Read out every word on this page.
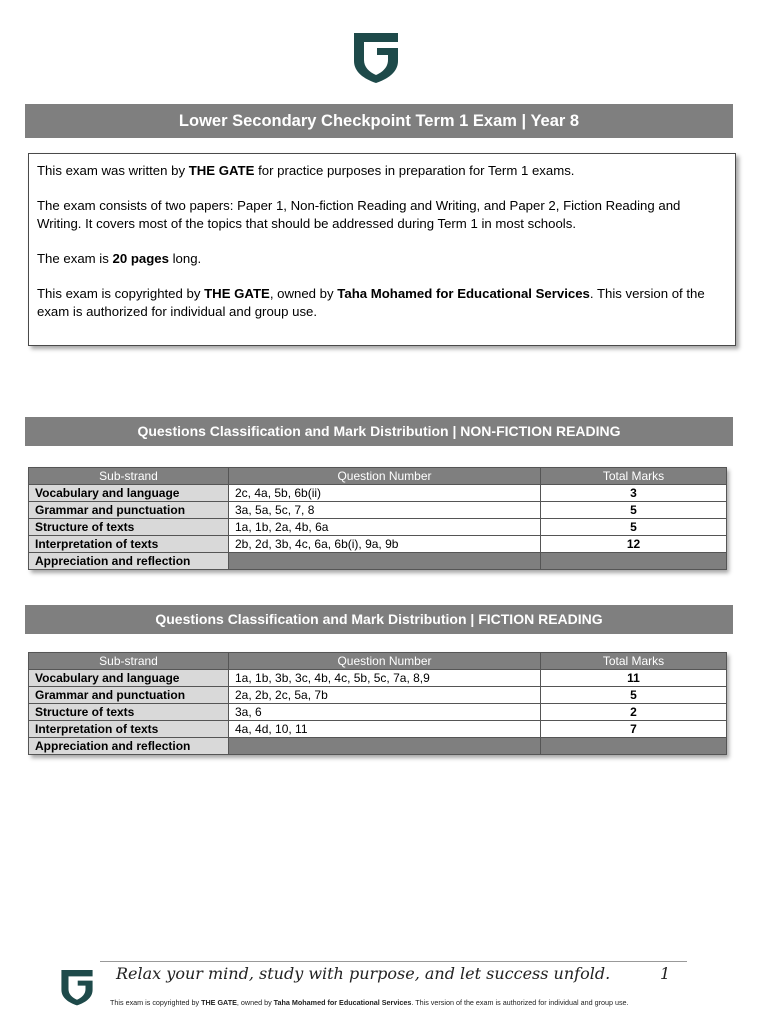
Lower Secondary Checkpoint Term 1 Exam | Year 8

This exam was written by THE GATE for practice purposes in preparation for Term 1 exams.

The exam consists of two papers: Paper 1, Non-fiction Reading and Writing, and Paper 2, Fiction Reading and Writing. It covers most of the topics that should be addressed during Term 1 in most schools.

The exam is 20 pages long.

This exam is copyrighted by THE GATE, owned by Taha Mohamed for Educational Services. This version of the exam is authorized for individual and group use.

Questions Classification and Mark Distribution | NON-FICTION READING
Sub-strand	Question Number	Total Marks
Vocabulary and language	2c, 4a, 5b, 6b(ii)	3
Grammar and punctuation	3a, 5a, 5c, 7, 8	5
Structure of texts	1a, 1b, 2a, 4b, 6a	5
Interpretation of texts	2b, 2d, 3b, 4c, 6a, 6b(i), 9a, 9b	12
Appreciation and reflection		
Questions Classification and Mark Distribution | FICTION READING
Sub-strand	Question Number	Total Marks
Vocabulary and language	1a, 1b, 3b, 3c, 4b, 4c, 5b, 5c, 7a, 8,9	11
Grammar and punctuation	2a, 2b, 2c, 5a, 7b	5
Structure of texts	3a, 6	2
Interpretation of texts	4a, 4d, 10, 11	7
Appreciation and reflection		
Relax your mind, study with purpose, and let success unfold.	1
This exam is copyrighted by THE GATE, owned by Taha Mohamed for Educational Services. This version of the exam is authorized for individual and group use.
